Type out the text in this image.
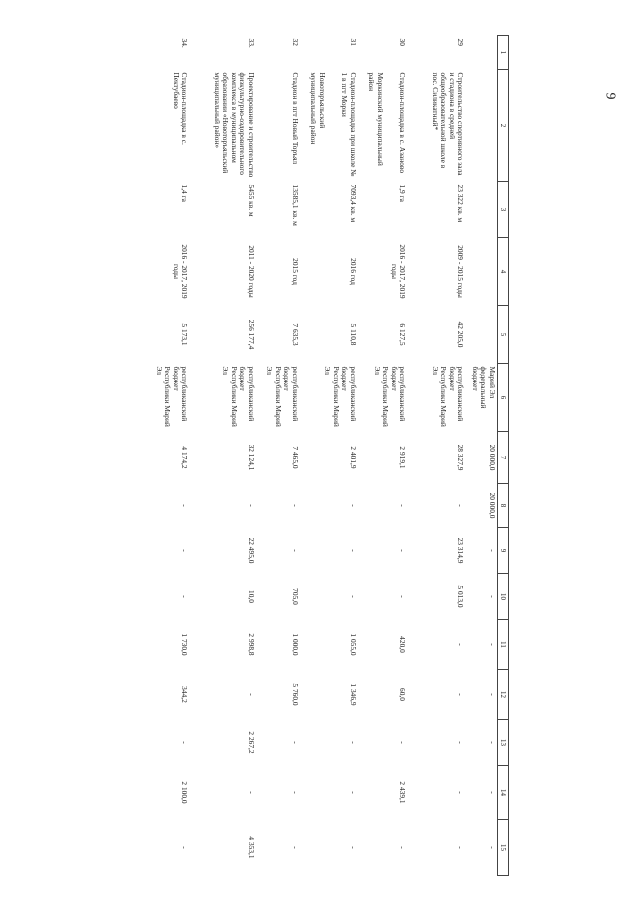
9
1	2	3	4	5	6	7	8	9	10	11	12	13	14	15
					Марий Эл федеральный бюджет	20 000,0	20 000,0	-	-	-	-	-	-	-
29	Строительство спортивного зала и стадиона в средней общеобразовательной школе в пос. Силикатный*	23 322 кв. м	2009 - 2015 годы	42 205,0	республиканский бюджет Республики Марий Эл	28 327,9	-	23 314,9	5 013,0	-	-	-	-	-
30	Стадион-площадка в с. Азаново
Моркинский муниципальный район	1,9 га	2016 - 2017, 2019 годы	6 127,5	республиканский бюджет Республики Марий Эл	2 919,1	-	-	-	420,0	60,0	-	2 439,1	-
31	Стадион-площадка при школе № 1 в пгт Морки
Новоторъяльский муниципальный район	7093,4 кв. м	2016 год	5 110,8	республиканский бюджет Республики Марий Эл	2 401,9	-	-	-	1 055,0	1 346,9	-	-	-
32	Стадион в пгт Новый Торъял	13585,1 кв. м	2015 год	7 635,3	республиканский бюджет Республики Марий Эл	7 465,0	-	-	705,0	1 000,0	5 760,0	-	-	-
33.	Проектирование и строительство физкультурно-оздоровительного комплекса в муниципальном образовании «Новоторъяльский муниципальный район»	5455 кв. м	2011 - 2020 годы	256 177,4	республиканский бюджет Республики Марий Эл	32 124,1	-	22 495,0	10,0	2 998,8	-	2 267,2	-	4 353,1
34.	Стадион-площадка в с. Пектубаево	1,4 га	2016 - 2017, 2019 годы	5 173,1	республиканский бюджет Республики Марий Эл	4 174,2	-	-	-	1 730,0	344,2	-	2 100,0	-
